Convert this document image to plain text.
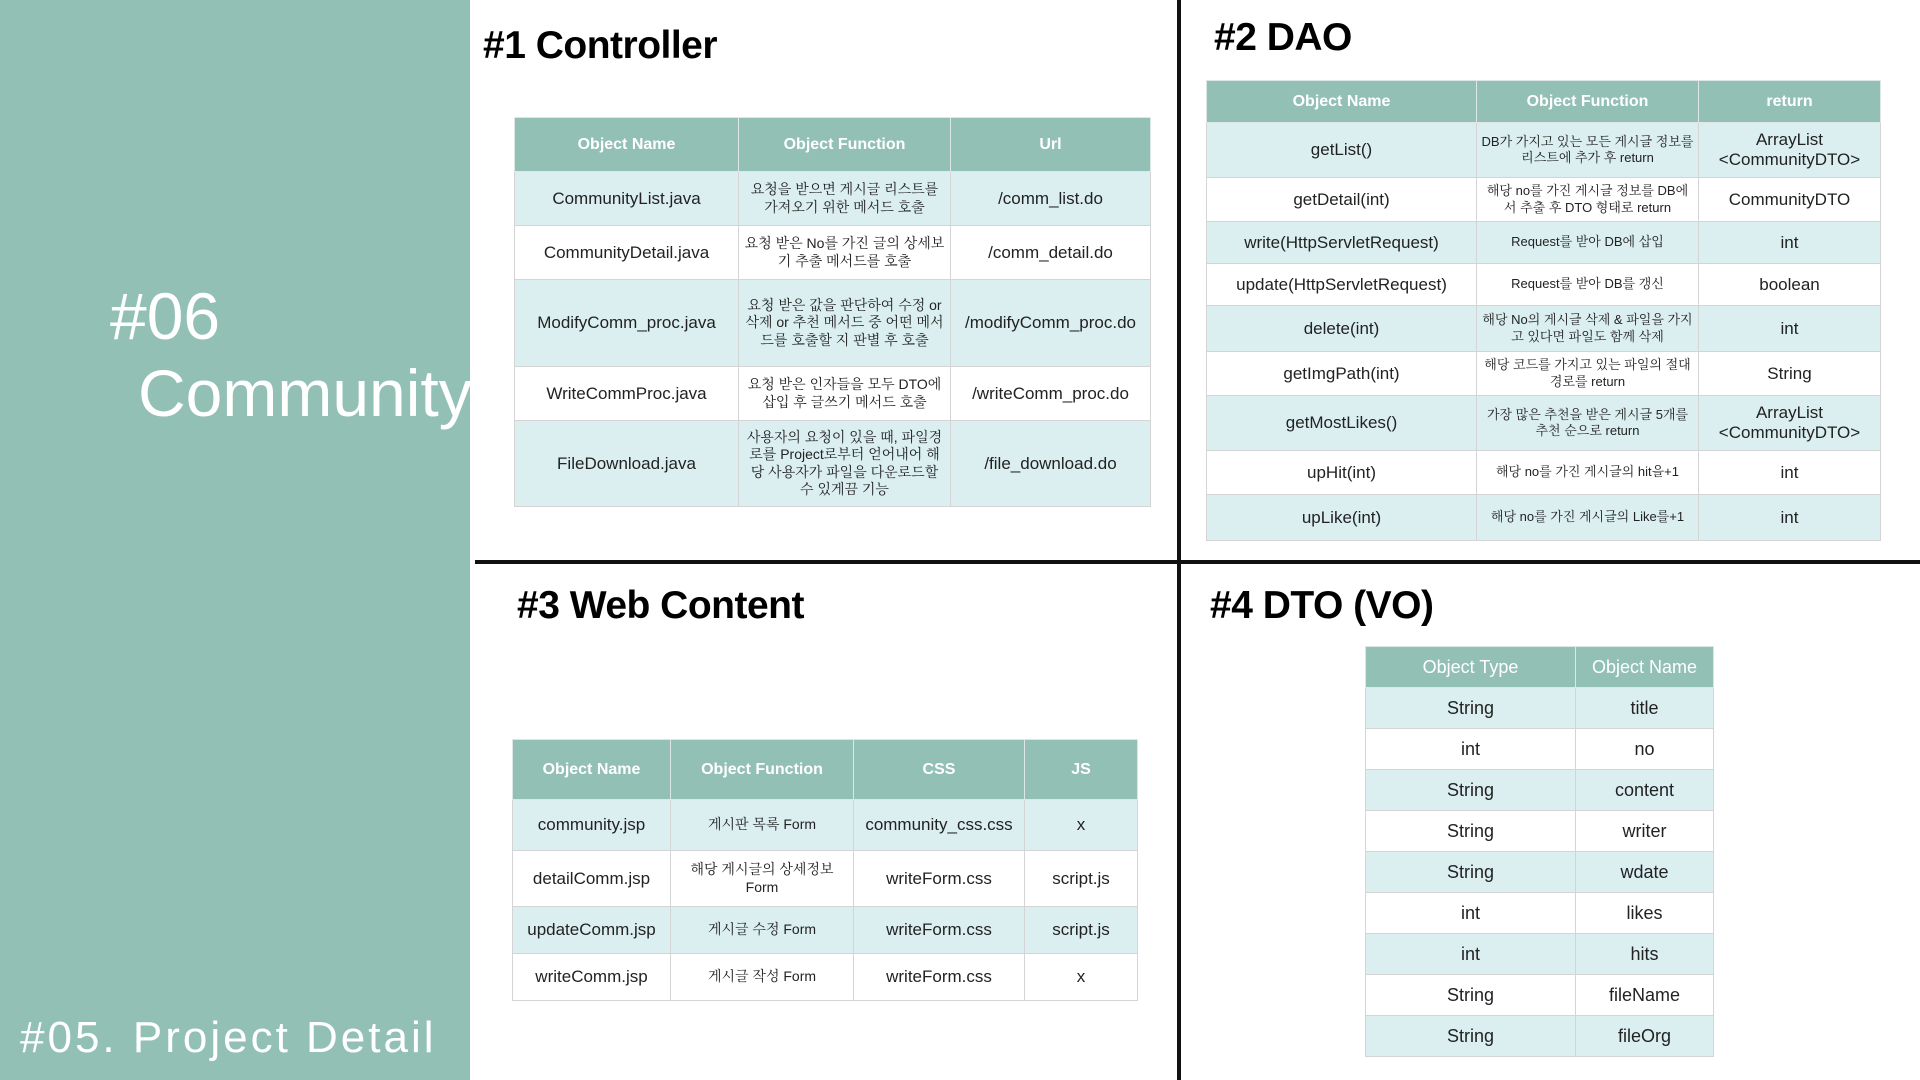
#06
Community
#05. Project Detail
#1 Controller
Object Name	Object Function	Url
CommunityList.java	요청을 받으면 게시글 리스트를 가져오기 위한 메서드 호출	/comm_list.do
CommunityDetail.java	요청 받은 No를 가진 글의 상세보기 추출 메서드를 호출	/comm_detail.do
ModifyComm_proc.java	요청 받은 값을 판단하여 수정 or 삭제 or 추천 메서드 중 어떤 메서드를 호출할 지 판별 후 호출	/modifyComm_proc.do
WriteCommProc.java	요청 받은 인자들을 모두 DTO에 삽입 후 글쓰기 메서드 호출	/writeComm_proc.do
FileDownload.java	사용자의 요청이 있을 때, 파일경로를 Project로부터 얻어내어 해당 사용자가 파일을 다운로드할 수 있게끔 기능	/file_download.do
#2 DAO
Object Name	Object Function	return
getList()	DB가 가지고 있는 모든 게시글 정보를 리스트에 추가 후 return	ArrayList <CommunityDTO>
getDetail(int)	해당 no를 가진 게시글 정보를 DB에서 추출 후 DTO 형태로 return	CommunityDTO
write(HttpServletRequest)	Request를 받아 DB에 삽입	int
update(HttpServletRequest)	Request를 받아 DB를 갱신	boolean
delete(int)	해당 No의 게시글 삭제 & 파일을 가지고 있다면 파일도 함께 삭제	int
getImgPath(int)	해당 코드를 가지고 있는 파일의 절대 경로를 return	String
getMostLikes()	가장 많은 추천을 받은 게시글 5개를 추천 순으로 return	ArrayList <CommunityDTO>
upHit(int)	해당 no를 가진 게시글의 hit을+1	int
upLike(int)	해당 no를 가진 게시글의 Like를+1	int
#3 Web Content
Object Name	Object Function	CSS	JS
community.jsp	게시판 목록 Form	community_css.css	x
detailComm.jsp	해당 게시글의 상세정보 Form	writeForm.css	script.js
updateComm.jsp	게시글 수정 Form	writeForm.css	script.js
writeComm.jsp	게시글 작성 Form	writeForm.css	x
#4 DTO (VO)
Object Type	Object Name
String	title
int	no
String	content
String	writer
String	wdate
int	likes
int	hits
String	fileName
String	fileOrg
